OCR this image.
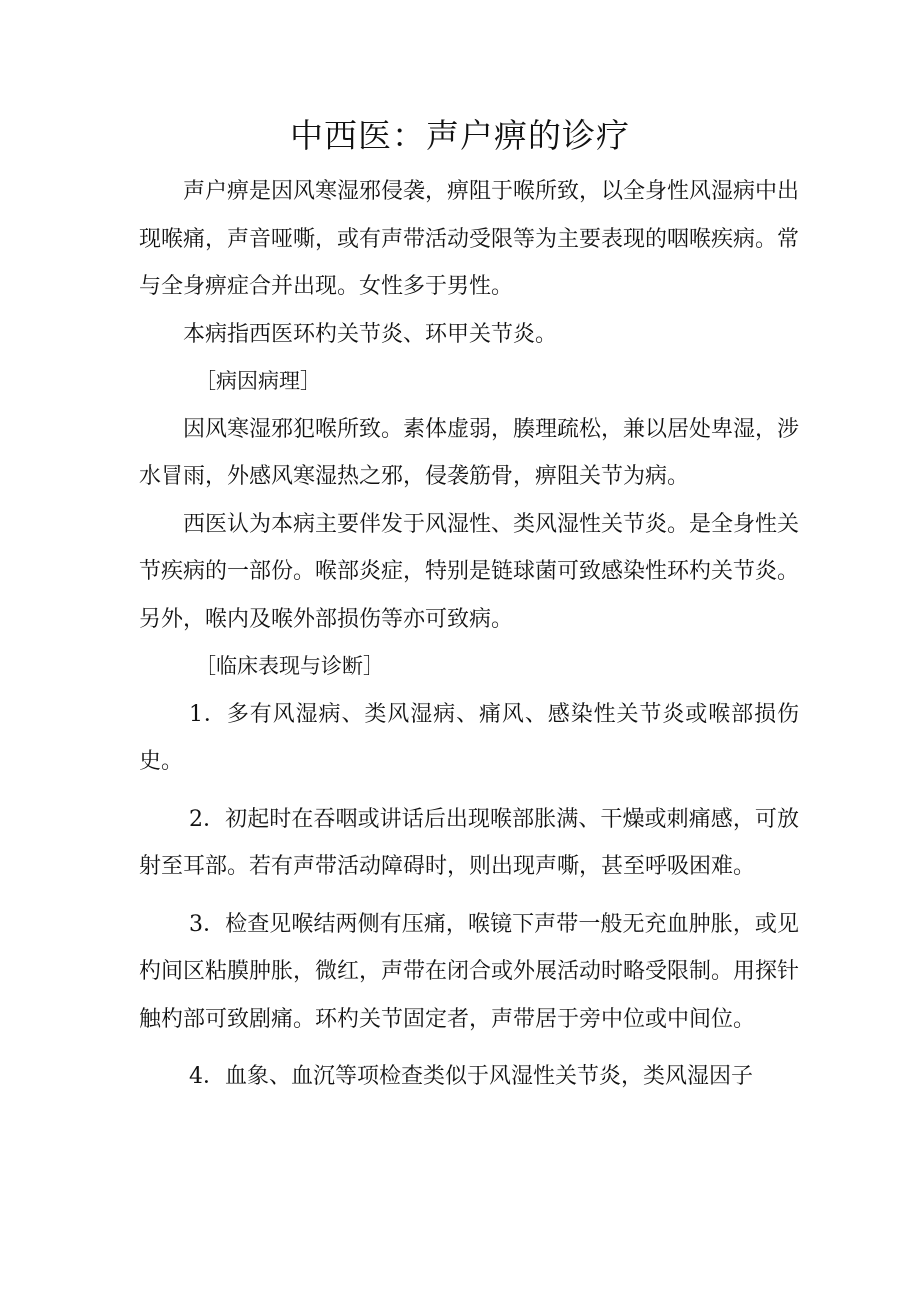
中西医：声户痹的诊疗

声户痹是因风寒湿邪侵袭，痹阻于喉所致，以全身性风湿病中出现喉痛，声音哑嘶，或有声带活动受限等为主要表现的咽喉疾病。常与全身痹症合并出现。女性多于男性。

本病指西医环杓关节炎、环甲关节炎。

［病因病理］

因风寒湿邪犯喉所致。素体虚弱，腠理疏松，兼以居处卑湿，涉水冒雨，外感风寒湿热之邪，侵袭筋骨，痹阻关节为病。

西医认为本病主要伴发于风湿性、类风湿性关节炎。是全身性关节疾病的一部份。喉部炎症，特别是链球菌可致感染性环杓关节炎。另外，喉内及喉外部损伤等亦可致病。

［临床表现与诊断］

1．多有风湿病、类风湿病、痛风、感染性关节炎或喉部损伤史。

2．初起时在吞咽或讲话后出现喉部胀满、干燥或刺痛感，可放射至耳部。若有声带活动障碍时，则出现声嘶，甚至呼吸困难。

3．检查见喉结两侧有压痛，喉镜下声带一般无充血肿胀，或见杓间区粘膜肿胀，微红，声带在闭合或外展活动时略受限制。用探针触杓部可致剧痛。环杓关节固定者，声带居于旁中位或中间位。

4．血象、血沉等项检查类似于风湿性关节炎，类风湿因子
